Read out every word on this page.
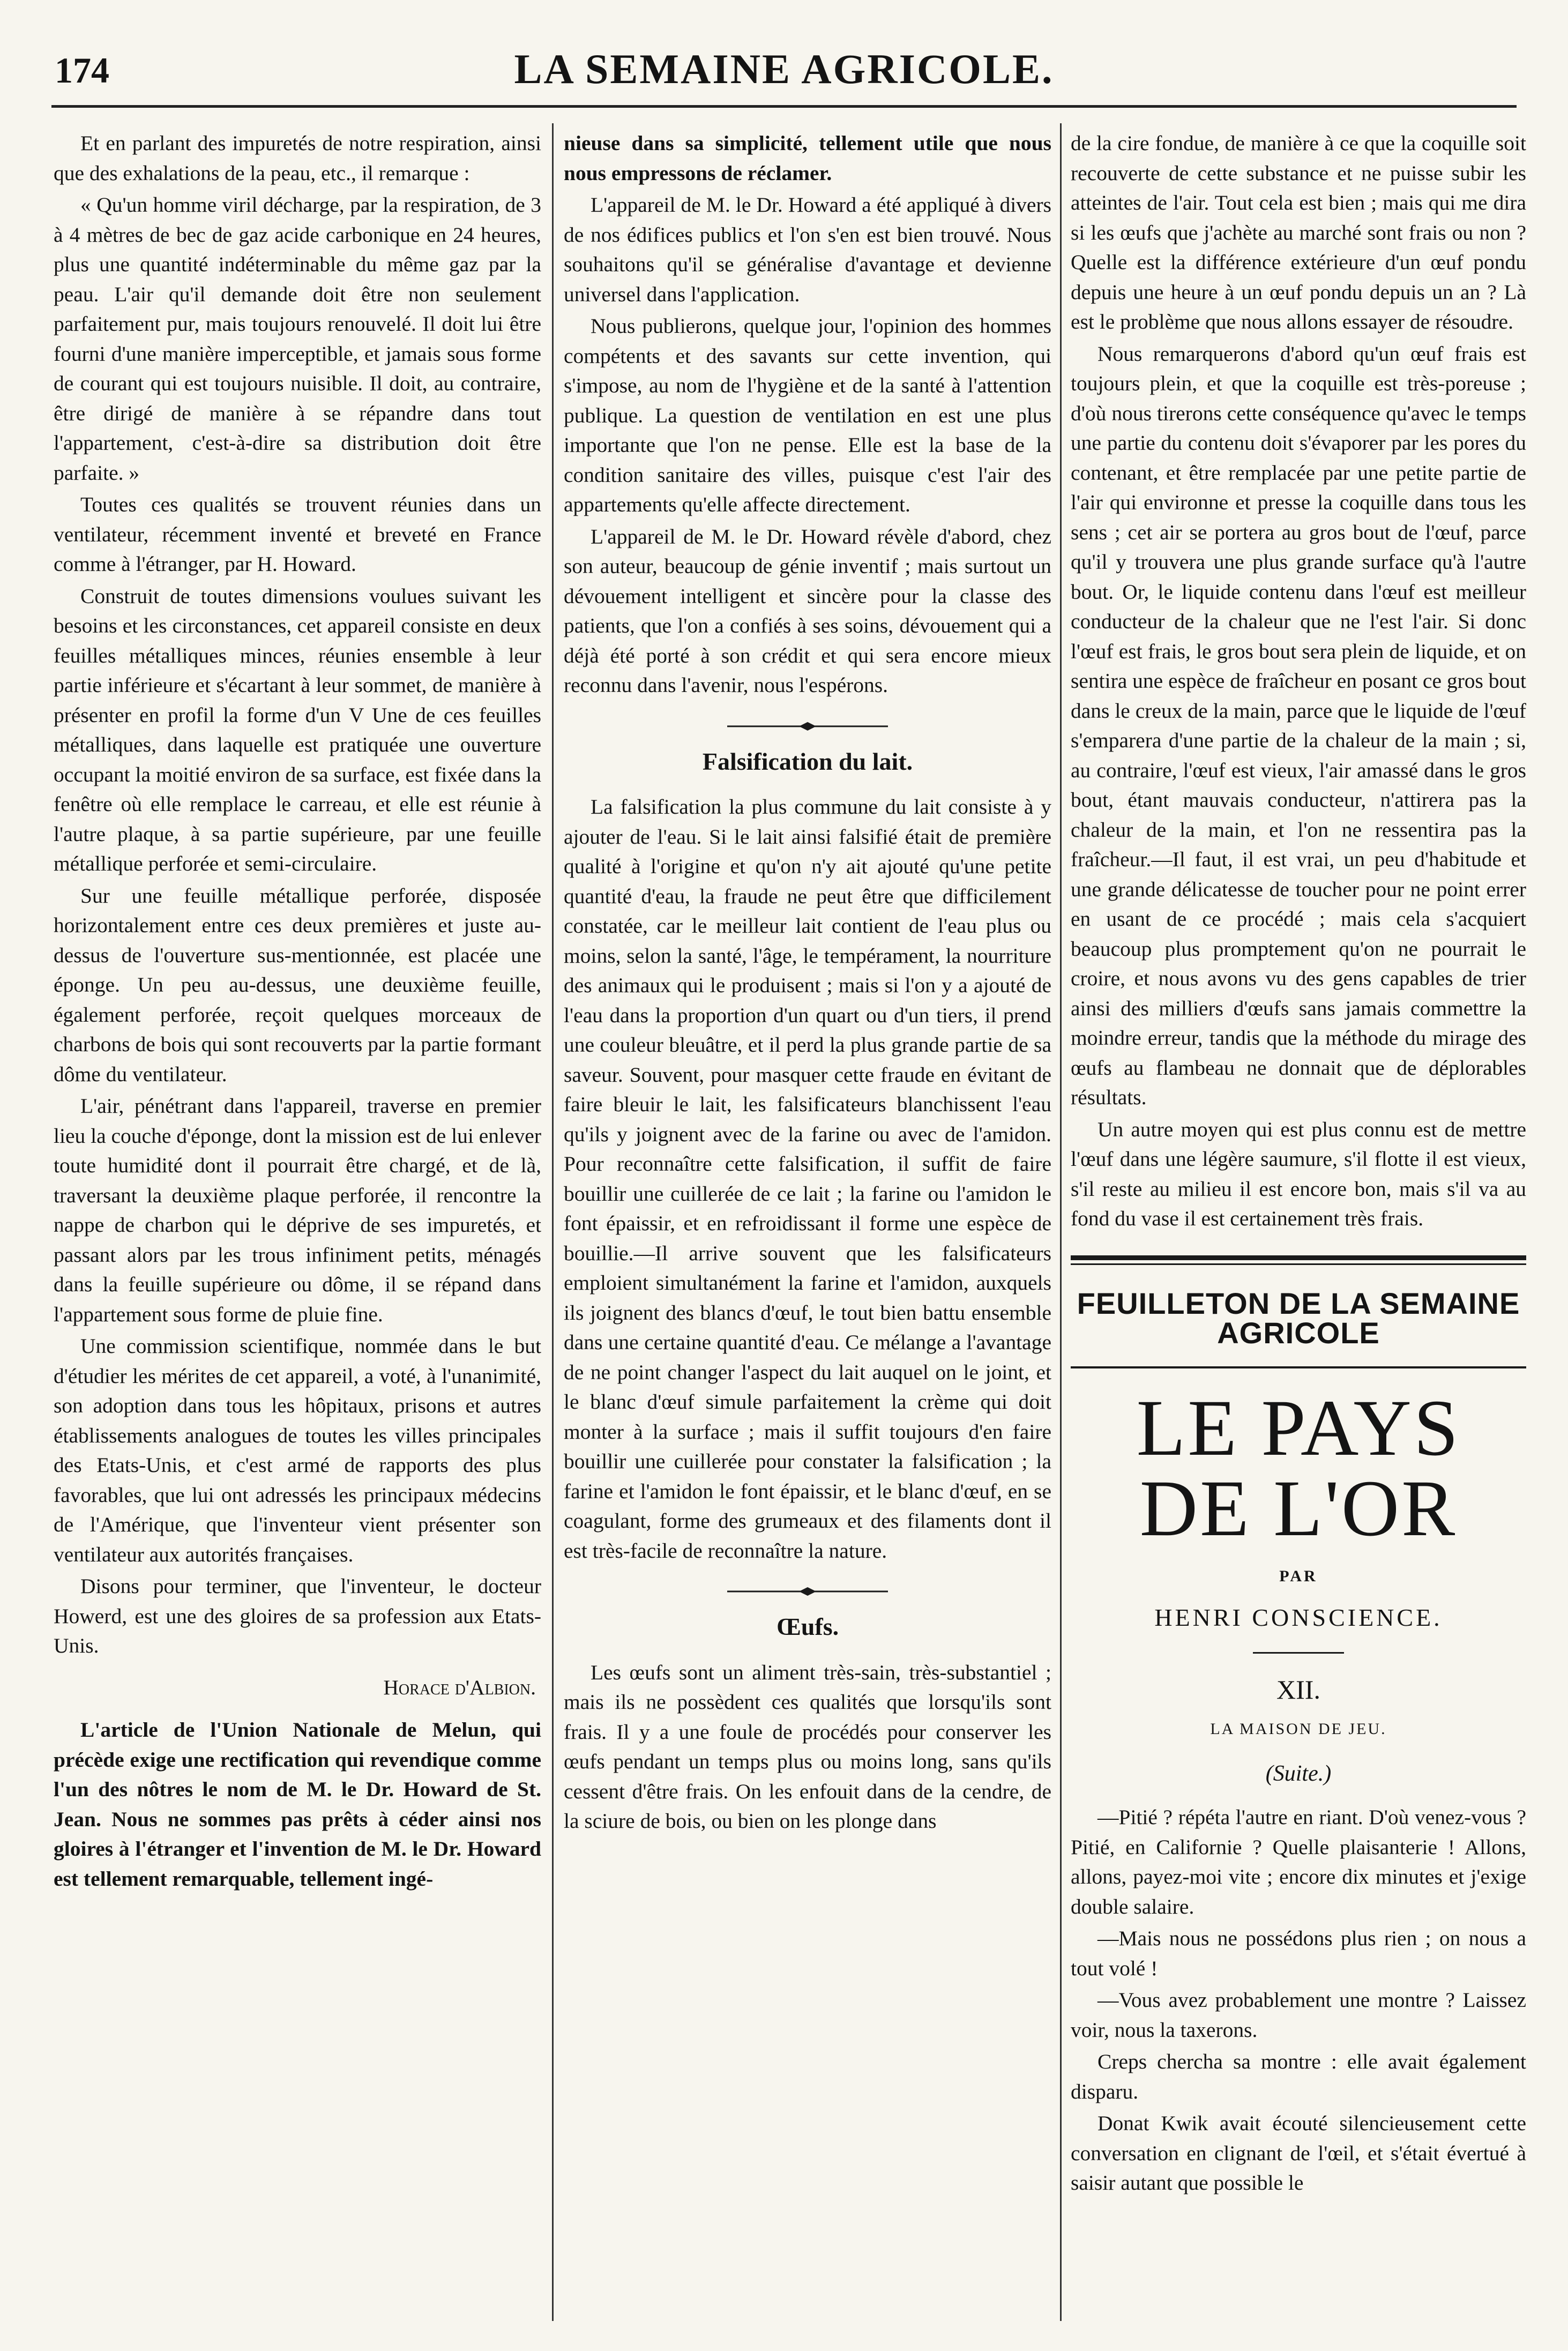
174	LA SEMAINE AGRICOLE.

Et en parlant des impuretés de notre respiration, ainsi que des exhalations de la peau, etc., il remarque :

« Qu'un homme viril décharge, par la respiration, de 3 à 4 mètres de bec de gaz acide carbonique en 24 heures, plus une quantité indéterminable du même gaz par la peau. L'air qu'il demande doit être non seulement parfaitement pur, mais toujours renouvelé. Il doit lui être fourni d'une manière imperceptible, et jamais sous forme de courant qui est toujours nuisible. Il doit, au contraire, être dirigé de manière à se répandre dans tout l'appartement, c'est-à-dire sa distribution doit être parfaite. »

Toutes ces qualités se trouvent réunies dans un ventilateur, récemment inventé et breveté en France comme à l'étranger, par H. Howard.

Construit de toutes dimensions voulues suivant les besoins et les circonstances, cet appareil consiste en deux feuilles métalliques minces, réunies ensemble à leur partie inférieure et s'écartant à leur sommet, de manière à présenter en profil la forme d'un V Une de ces feuilles métalliques, dans laquelle est pratiquée une ouverture occupant la moitié environ de sa surface, est fixée dans la fenêtre où elle remplace le carreau, et elle est réunie à l'autre plaque, à sa partie supérieure, par une feuille métallique perforée et semi-circulaire.

Sur une feuille métallique perforée, disposée horizontalement entre ces deux premières et juste au-dessus de l'ouverture sus-mentionnée, est placée une éponge. Un peu au-dessus, une deuxième feuille, également perforée, reçoit quelques morceaux de charbons de bois qui sont recouverts par la partie formant dôme du ventilateur.

L'air, pénétrant dans l'appareil, traverse en premier lieu la couche d'éponge, dont la mission est de lui enlever toute humidité dont il pourrait être chargé, et de là, traversant la deuxième plaque perforée, il rencontre la nappe de charbon qui le déprive de ses impuretés, et passant alors par les trous infiniment petits, ménagés dans la feuille supérieure ou dôme, il se répand dans l'appartement sous forme de pluie fine.

Une commission scientifique, nommée dans le but d'étudier les mérites de cet appareil, a voté, à l'unanimité, son adoption dans tous les hôpitaux, prisons et autres établissements analogues de toutes les villes principales des Etats-Unis, et c'est armé de rapports des plus favorables, que lui ont adressés les principaux médecins de l'Amérique, que l'inventeur vient présenter son ventilateur aux autorités françaises.

Disons pour terminer, que l'inventeur, le docteur Howerd, est une des gloires de sa profession aux Etats-Unis.

Horace d'Albion.

L'article de l'Union Nationale de Melun, qui précède exige une rectification qui revendique comme l'un des nôtres le nom de M. le Dr. Howard de St. Jean. Nous ne sommes pas prêts à céder ainsi nos gloires à l'étranger et l'invention de M. le Dr. Howard est tellement remarquable, tellement ingé-

nieuse dans sa simplicité, tellement utile que nous nous empressons de réclamer.

L'appareil de M. le Dr. Howard a été appliqué à divers de nos édifices publics et l'on s'en est bien trouvé. Nous souhaitons qu'il se généralise d'avantage et devienne universel dans l'application.

Nous publierons, quelque jour, l'opinion des hommes compétents et des savants sur cette invention, qui s'impose, au nom de l'hygiène et de la santé à l'attention publique. La question de ventilation en est une plus importante que l'on ne pense. Elle est la base de la condition sanitaire des villes, puisque c'est l'air des appartements qu'elle affecte directement.

L'appareil de M. le Dr. Howard révèle d'abord, chez son auteur, beaucoup de génie inventif ; mais surtout un dévouement intelligent et sincère pour la classe des patients, que l'on a confiés à ses soins, dévouement qui a déjà été porté à son crédit et qui sera encore mieux reconnu dans l'avenir, nous l'espérons.

Falsification du lait.

La falsification la plus commune du lait consiste à y ajouter de l'eau. Si le lait ainsi falsifié était de première qualité à l'origine et qu'on n'y ait ajouté qu'une petite quantité d'eau, la fraude ne peut être que difficilement constatée, car le meilleur lait contient de l'eau plus ou moins, selon la santé, l'âge, le tempérament, la nourriture des animaux qui le produisent ; mais si l'on y a ajouté de l'eau dans la proportion d'un quart ou d'un tiers, il prend une couleur bleuâtre, et il perd la plus grande partie de sa saveur. Souvent, pour masquer cette fraude en évitant de faire bleuir le lait, les falsificateurs blanchissent l'eau qu'ils y joignent avec de la farine ou avec de l'amidon. Pour reconnaître cette falsification, il suffit de faire bouillir une cuillerée de ce lait ; la farine ou l'amidon le font épaissir, et en refroidissant il forme une espèce de bouillie.—Il arrive souvent que les falsificateurs emploient simultanément la farine et l'amidon, auxquels ils joignent des blancs d'œuf, le tout bien battu ensemble dans une certaine quantité d'eau. Ce mélange a l'avantage de ne point changer l'aspect du lait auquel on le joint, et le blanc d'œuf simule parfaitement la crème qui doit monter à la surface ; mais il suffit toujours d'en faire bouillir une cuillerée pour constater la falsification ; la farine et l'amidon le font épaissir, et le blanc d'œuf, en se coagulant, forme des grumeaux et des filaments dont il est très-facile de reconnaître la nature.

Œufs.

Les œufs sont un aliment très-sain, très-substantiel ; mais ils ne possèdent ces qualités que lorsqu'ils sont frais. Il y a une foule de procédés pour conserver les œufs pendant un temps plus ou moins long, sans qu'ils cessent d'être frais. On les enfouit dans de la cendre, de la sciure de bois, ou bien on les plonge dans

de la cire fondue, de manière à ce que la coquille soit recouverte de cette substance et ne puisse subir les atteintes de l'air. Tout cela est bien ; mais qui me dira si les œufs que j'achète au marché sont frais ou non ? Quelle est la différence extérieure d'un œuf pondu depuis une heure à un œuf pondu depuis un an ? Là est le problème que nous allons essayer de résoudre.

Nous remarquerons d'abord qu'un œuf frais est toujours plein, et que la coquille est très-poreuse ; d'où nous tirerons cette conséquence qu'avec le temps une partie du contenu doit s'évaporer par les pores du contenant, et être remplacée par une petite partie de l'air qui environne et presse la coquille dans tous les sens ; cet air se portera au gros bout de l'œuf, parce qu'il y trouvera une plus grande surface qu'à l'autre bout. Or, le liquide contenu dans l'œuf est meilleur conducteur de la chaleur que ne l'est l'air. Si donc l'œuf est frais, le gros bout sera plein de liquide, et on sentira une espèce de fraîcheur en posant ce gros bout dans le creux de la main, parce que le liquide de l'œuf s'emparera d'une partie de la chaleur de la main ; si, au contraire, l'œuf est vieux, l'air amassé dans le gros bout, étant mauvais conducteur, n'attirera pas la chaleur de la main, et l'on ne ressentira pas la fraîcheur.—Il faut, il est vrai, un peu d'habitude et une grande délicatesse de toucher pour ne point errer en usant de ce procédé ; mais cela s'acquiert beaucoup plus promptement qu'on ne pourrait le croire, et nous avons vu des gens capables de trier ainsi des milliers d'œufs sans jamais commettre la moindre erreur, tandis que la méthode du mirage des œufs au flambeau ne donnait que de déplorables résultats.

Un autre moyen qui est plus connu est de mettre l'œuf dans une légère saumure, s'il flotte il est vieux, s'il reste au milieu il est encore bon, mais s'il va au fond du vase il est certainement très frais.

FEUILLETON DE LA SEMAINE AGRICOLE
LE PAYS DE L'OR
PAR
HENRI CONSCIENCE.
XII.
LA MAISON DE JEU.
(Suite.)

—Pitié ? répéta l'autre en riant. D'où venez-vous ? Pitié, en Californie ? Quelle plaisanterie ! Allons, allons, payez-moi vite ; encore dix minutes et j'exige double salaire.

—Mais nous ne possédons plus rien ; on nous a tout volé !

—Vous avez probablement une montre ? Laissez voir, nous la taxerons.

Creps chercha sa montre : elle avait également disparu.

Donat Kwik avait écouté silencieusement cette conversation en clignant de l'œil, et s'était évertué à saisir autant que possible le
